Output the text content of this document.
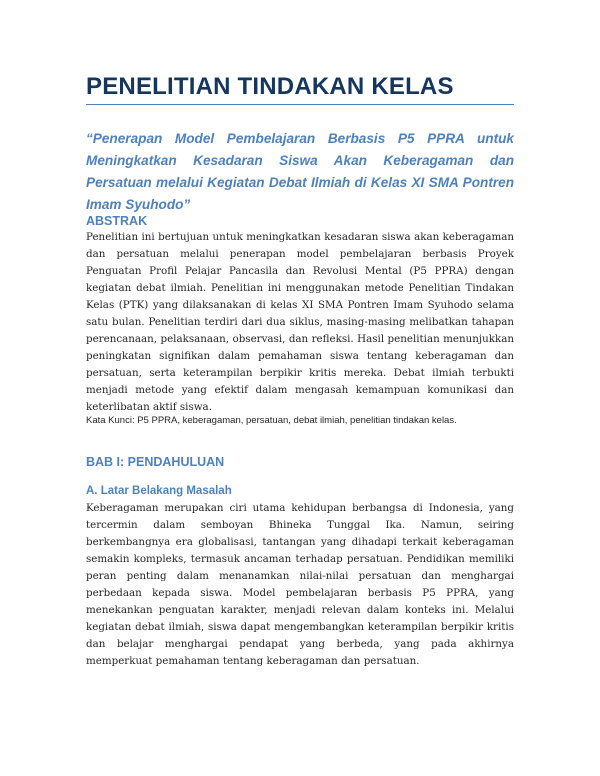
PENELITIAN TINDAKAN KELAS
“Penerapan Model Pembelajaran Berbasis P5 PPRA untuk Meningkatkan Kesadaran Siswa Akan Keberagaman dan Persatuan melalui Kegiatan Debat Ilmiah di Kelas XI SMA Pontren Imam Syuhodo”
ABSTRAK
Penelitian ini bertujuan untuk meningkatkan kesadaran siswa akan keberagaman dan persatuan melalui penerapan model pembelajaran berbasis Proyek Penguatan Profil Pelajar Pancasila dan Revolusi Mental (P5 PPRA) dengan kegiatan debat ilmiah. Penelitian ini menggunakan metode Penelitian Tindakan Kelas (PTK) yang dilaksanakan di kelas XI SMA Pontren Imam Syuhodo selama satu bulan. Penelitian terdiri dari dua siklus, masing-masing melibatkan tahapan perencanaan, pelaksanaan, observasi, dan refleksi. Hasil penelitian menunjukkan peningkatan signifikan dalam pemahaman siswa tentang keberagaman dan persatuan, serta keterampilan berpikir kritis mereka. Debat ilmiah terbukti menjadi metode yang efektif dalam mengasah kemampuan komunikasi dan keterlibatan aktif siswa.
Kata Kunci: P5 PPRA, keberagaman, persatuan, debat ilmiah, penelitian tindakan kelas.
BAB I: PENDAHULUAN
A. Latar Belakang Masalah
Keberagaman merupakan ciri utama kehidupan berbangsa di Indonesia, yang tercermin dalam semboyan Bhineka Tunggal Ika. Namun, seiring berkembangnya era globalisasi, tantangan yang dihadapi terkait keberagaman semakin kompleks, termasuk ancaman terhadap persatuan. Pendidikan memiliki peran penting dalam menanamkan nilai-nilai persatuan dan menghargai perbedaan kepada siswa. Model pembelajaran berbasis P5 PPRA, yang menekankan penguatan karakter, menjadi relevan dalam konteks ini. Melalui kegiatan debat ilmiah, siswa dapat mengembangkan keterampilan berpikir kritis dan belajar menghargai pendapat yang berbeda, yang pada akhirnya memperkuat pemahaman tentang keberagaman dan persatuan.
